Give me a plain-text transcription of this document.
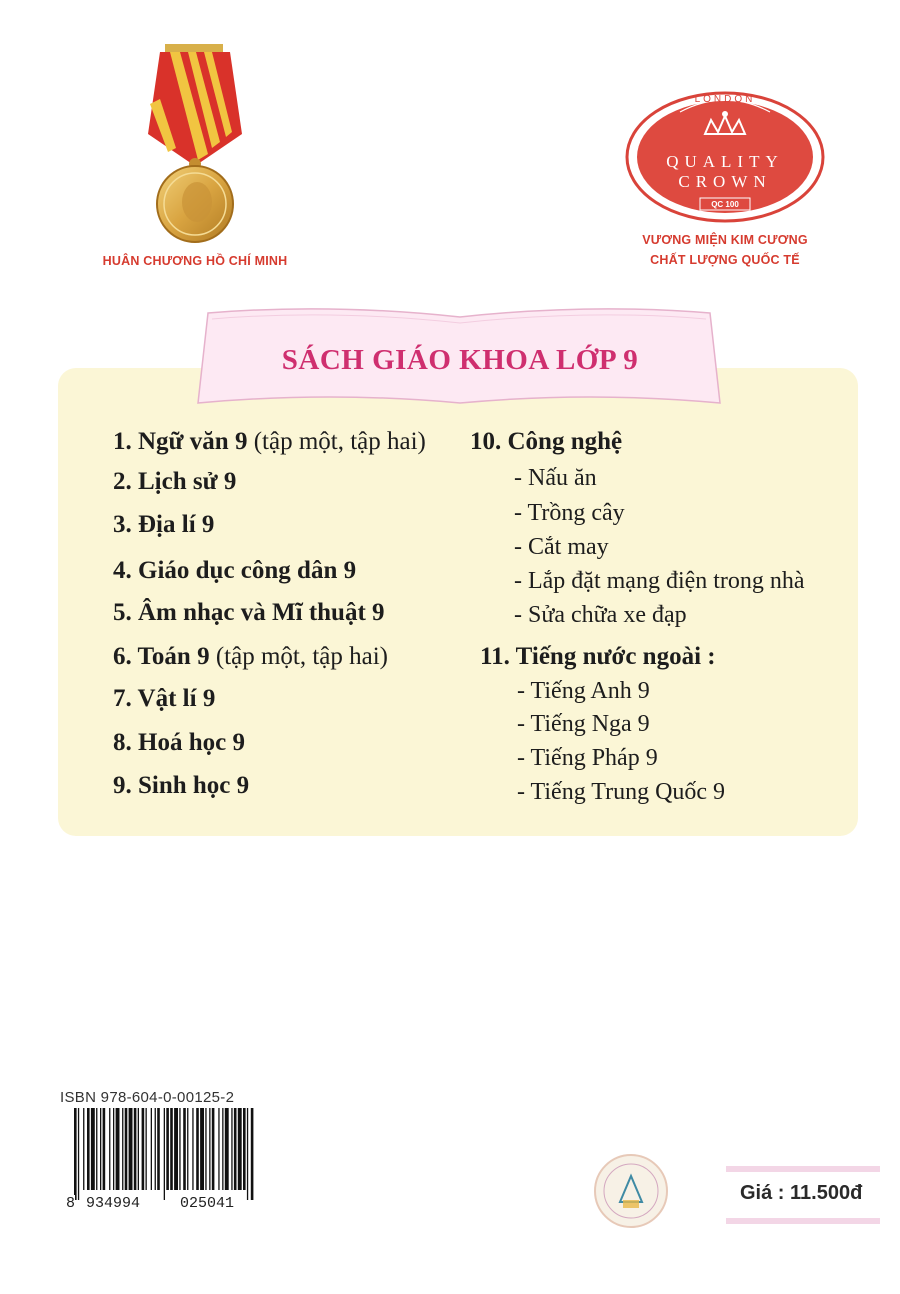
HUÂN CHƯƠNG HỒ CHÍ MINH
LONDON
QUALITY
CROWN
QC 100
VƯƠNG MIỆN KIM CƯƠNG
CHẤT LƯỢNG QUỐC TẾ
SÁCH GIÁO KHOA LỚP 9
1. Ngữ văn 9 (tập một, tập hai)
2. Lịch sử 9
3. Địa lí 9
4. Giáo dục công dân 9
5. Âm nhạc và Mĩ thuật 9
6. Toán 9 (tập một, tập hai)
7. Vật lí 9
8. Hoá học 9
9. Sinh học 9
10. Công nghệ
- Nấu ăn
- Trồng cây
- Cắt may
- Lắp đặt mạng điện trong nhà
- Sửa chữa xe đạp
11. Tiếng nước ngoài :
- Tiếng Anh 9
- Tiếng Nga 9
- Tiếng Pháp 9
- Tiếng Trung Quốc 9
ISBN 978-604-0-00125-2
8 934994	025041	Giá : 11.500đ
